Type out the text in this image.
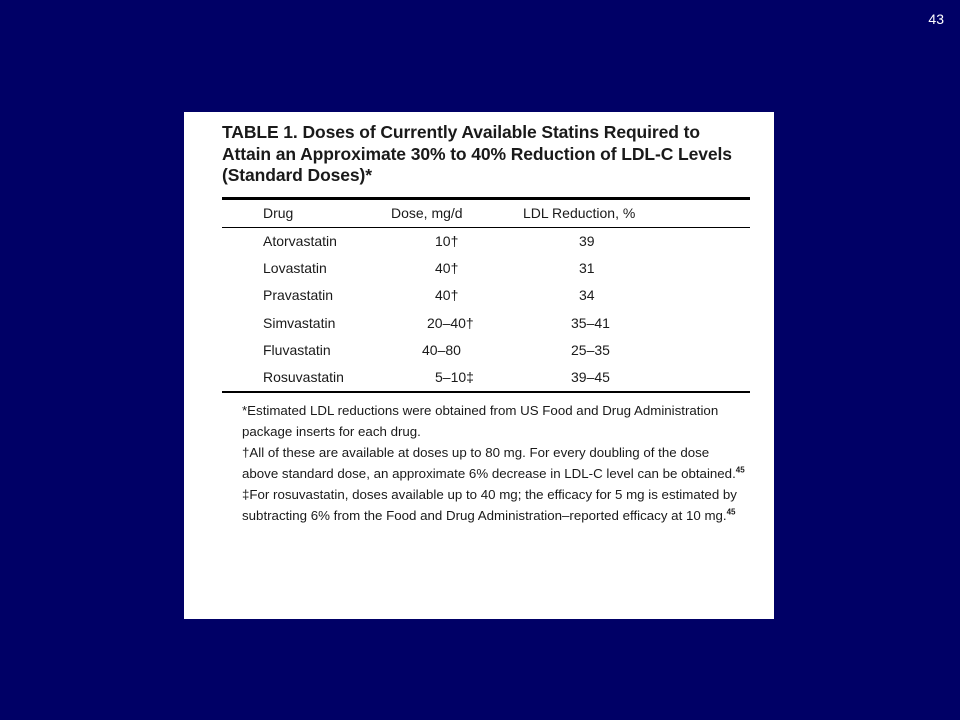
43
TABLE 1. Doses of Currently Available Statins Required to
Attain an Approximate 30% to 40% Reduction of LDL-C Levels
(Standard Doses)*
Drug	Dose, mg/d	LDL Reduction, %
Atorvastatin	10†	39
Lovastatin	40†	31
Pravastatin	40†	34
Simvastatin	20–40†	35–41
Fluvastatin	40–80	25–35
Rosuvastatin	5–10‡	39–45

*Estimated LDL reductions were obtained from US Food and Drug Administration package inserts for each drug.

†All of these are available at doses up to 80 mg. For every doubling of the dose above standard dose, an approximate 6% decrease in LDL-C level can be obtained.$^{45}$

‡For rosuvastatin, doses available up to 40 mg; the efficacy for 5 mg is estimated by subtracting 6% from the Food and Drug Administration–reported efficacy at 10 mg.$^{45}$
